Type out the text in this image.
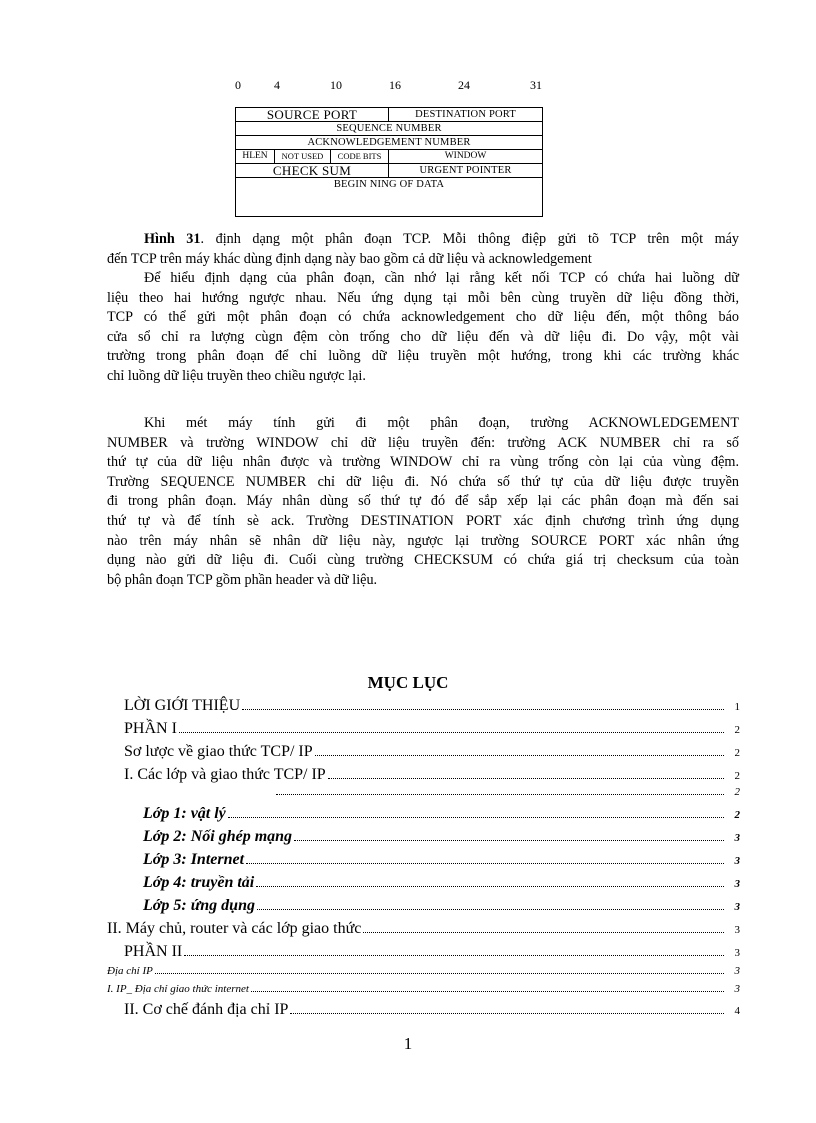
0	4	10	16	24	31
SOURCE PORT			DESTINATION PORT
SEQUENCE NUMBER			
ACKNOWLEDGEMENT NUMBER			
HLEN	NOT USED	CODE BITS	WINDOW
CHECK SUM			URGENT POINTER
BEGIN NING OF DATA			
Hình 31. định dạng một phân đoạn TCP. Mỗi thông điệp gửi tõ TCP trên một máy
đến TCP trên máy khác dùng định dạng này bao gồm cả dữ liệu và acknowledgement
Để hiểu định dạng của phân đoạn, cần nhớ lại rằng kết nối TCP có chứa hai luồng dữ
liệu theo hai hướng ngược nhau. Nếu ứng dụng tại mỗi bên cùng truyền dữ liệu đồng thời,
TCP có thể gửi một phân đoạn có chứa acknowledgement cho dữ liệu đến, một thông báo
cửa sổ chỉ ra lượng cùgn đệm còn trống cho dữ liệu đến và dữ liệu đi. Do vậy, một vài
trường trong phân đoạn để chỉ luồng dữ liệu truyền một hướng, trong khi các trường khác
chỉ luồng dữ liệu truyền theo chiều ngược lại.
Khi mét máy tính gửi đi một phân đoạn, trường ACKNOWLEDGEMENT
NUMBER và trường WINDOW chỉ dữ liệu truyền đến: trường ACK NUMBER chỉ ra số
thứ tự của dữ liệu nhân được và trường WINDOW chỉ ra vùng trống còn lại của vùng đệm.
Trường SEQUENCE NUMBER chỉ dữ liệu đi. Nó chứa số thứ tự của dữ liệu được truyền
đi trong phân đoạn. Máy nhân dùng số thứ tự đó để sắp xếp lại các phân đoạn mà đến sai
thứ tự và để tính sè ack. Trường DESTINATION PORT xác định chương trình ứng dụng
nào trên máy nhân sẽ nhân dữ liệu này, ngược lại trường SOURCE PORT xác nhân ứng
dụng nào gửi dữ liệu đi. Cuối cùng trường CHECKSUM có chứa giá trị checksum của toàn
bộ phân đoạn TCP gồm phần header và dữ liệu.
MỤC LỤC
LỜI GIỚI THIỆU	1
PHẦN I	2
Sơ lược về giao thức TCP/ IP	2
I. Các lớp và giao thức TCP/ IP	2
2
Lớp 1: vật lý	2
Lớp 2: Nối ghép mạng	3
Lớp 3: Internet	3
Lớp 4: truyền tải	3
Lớp 5: ứng dụng	3
II. Máy chủ, router và các lớp giao thức	3
PHẦN II	3
Địa chỉ IP	3
I. IP_ Địa chỉ giao thức internet	3
II. Cơ chế đánh địa chỉ IP	4
1
